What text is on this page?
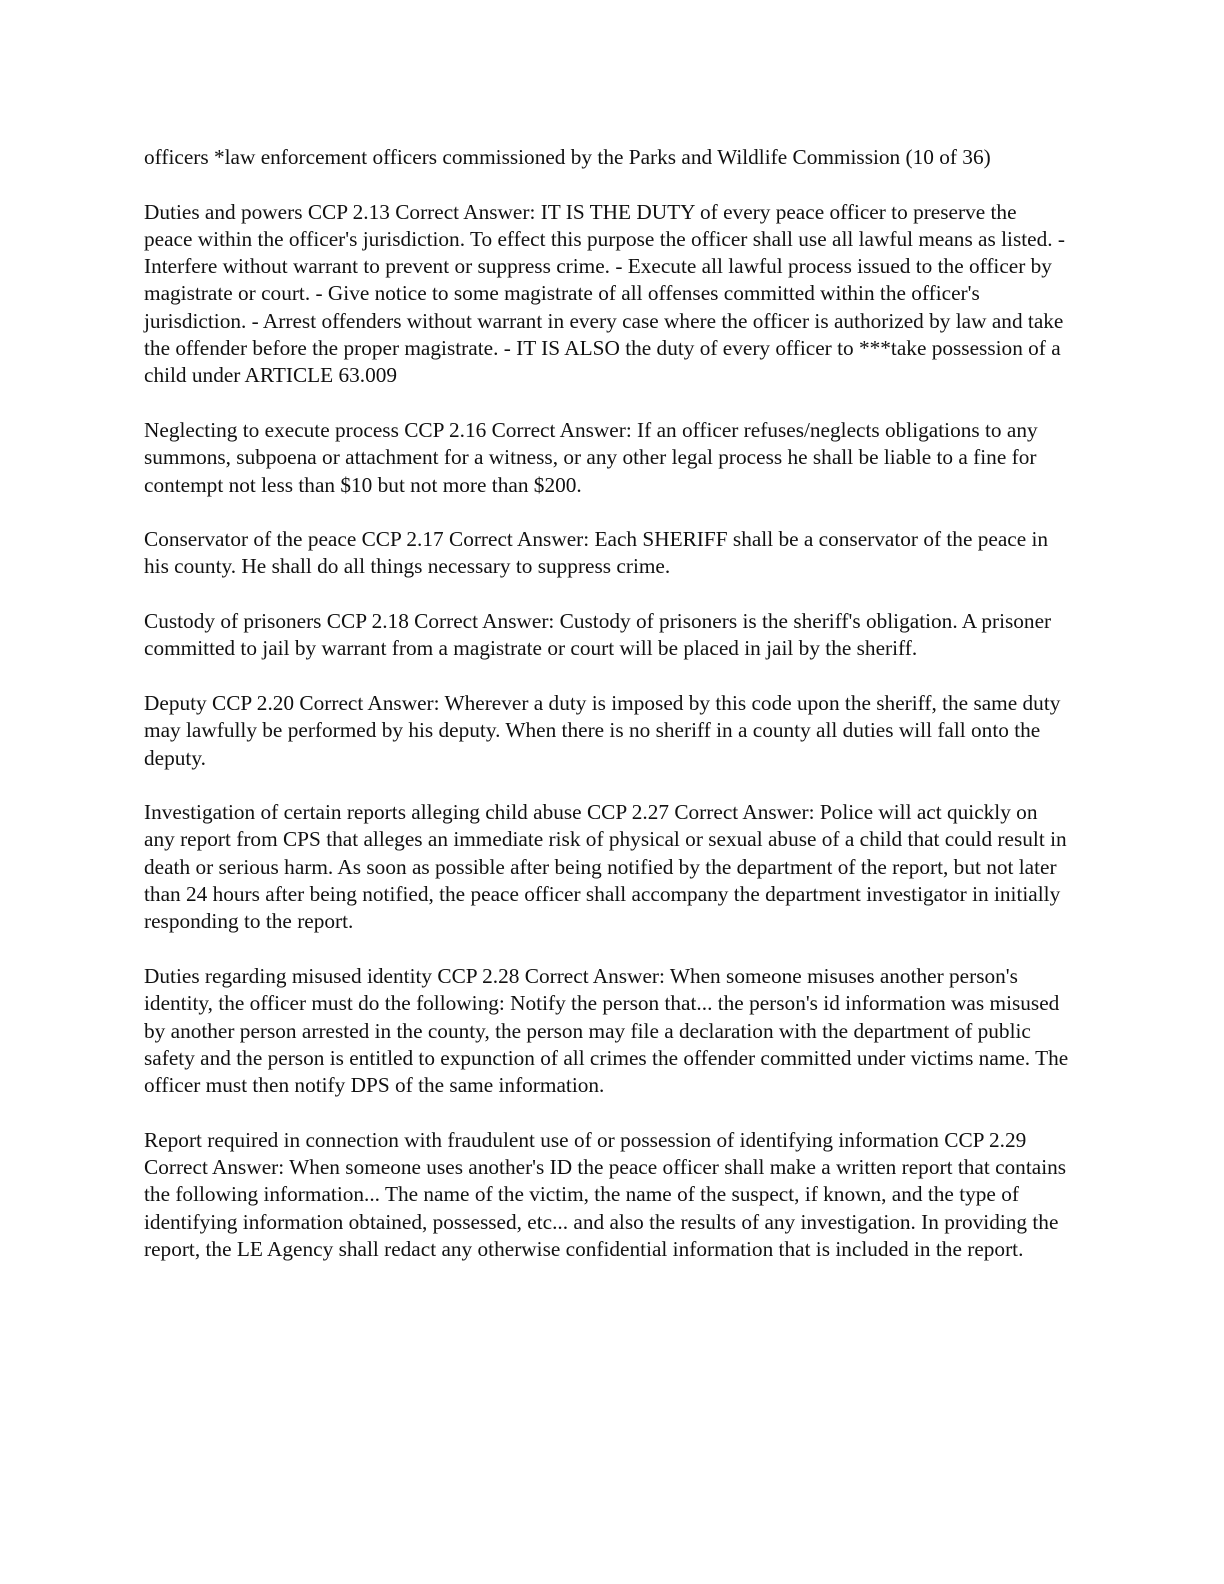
officers *law enforcement officers commissioned by the Parks and Wildlife Commission (10 of 36)

Duties and powers CCP 2.13 Correct Answer: IT IS THE DUTY of every peace officer to preserve the peace within the officer's jurisdiction. To effect this purpose the officer shall use all lawful means as listed. - Interfere without warrant to prevent or suppress crime. - Execute all lawful process issued to the officer by magistrate or court. - Give notice to some magistrate of all offenses committed within the officer's jurisdiction. - Arrest offenders without warrant in every case where the officer is authorized by law and take the offender before the proper magistrate. - IT IS ALSO the duty of every officer to ***take possession of a child under ARTICLE 63.009

Neglecting to execute process CCP 2.16 Correct Answer: If an officer refuses/neglects obligations to any summons, subpoena or attachment for a witness, or any other legal process he shall be liable to a fine for contempt not less than $10 but not more than $200.

Conservator of the peace CCP 2.17 Correct Answer: Each SHERIFF shall be a conservator of the peace in his county. He shall do all things necessary to suppress crime.

Custody of prisoners CCP 2.18 Correct Answer: Custody of prisoners is the sheriff's obligation. A prisoner committed to jail by warrant from a magistrate or court will be placed in jail by the sheriff.

Deputy CCP 2.20 Correct Answer: Wherever a duty is imposed by this code upon the sheriff, the same duty may lawfully be performed by his deputy. When there is no sheriff in a county all duties will fall onto the deputy.

Investigation of certain reports alleging child abuse CCP 2.27 Correct Answer: Police will act quickly on any report from CPS that alleges an immediate risk of physical or sexual abuse of a child that could result in death or serious harm. As soon as possible after being notified by the department of the report, but not later than 24 hours after being notified, the peace officer shall accompany the department investigator in initially responding to the report.

Duties regarding misused identity CCP 2.28 Correct Answer: When someone misuses another person's identity, the officer must do the following: Notify the person that... the person's id information was misused by another person arrested in the county, the person may file a declaration with the department of public safety and the person is entitled to expunction of all crimes the offender committed under victims name. The officer must then notify DPS of the same information.

Report required in connection with fraudulent use of or possession of identifying information CCP 2.29 Correct Answer: When someone uses another's ID the peace officer shall make a written report that contains the following information... The name of the victim, the name of the suspect, if known, and the type of identifying information obtained, possessed, etc... and also the results of any investigation. In providing the report, the LE Agency shall redact any otherwise confidential information that is included in the report.
